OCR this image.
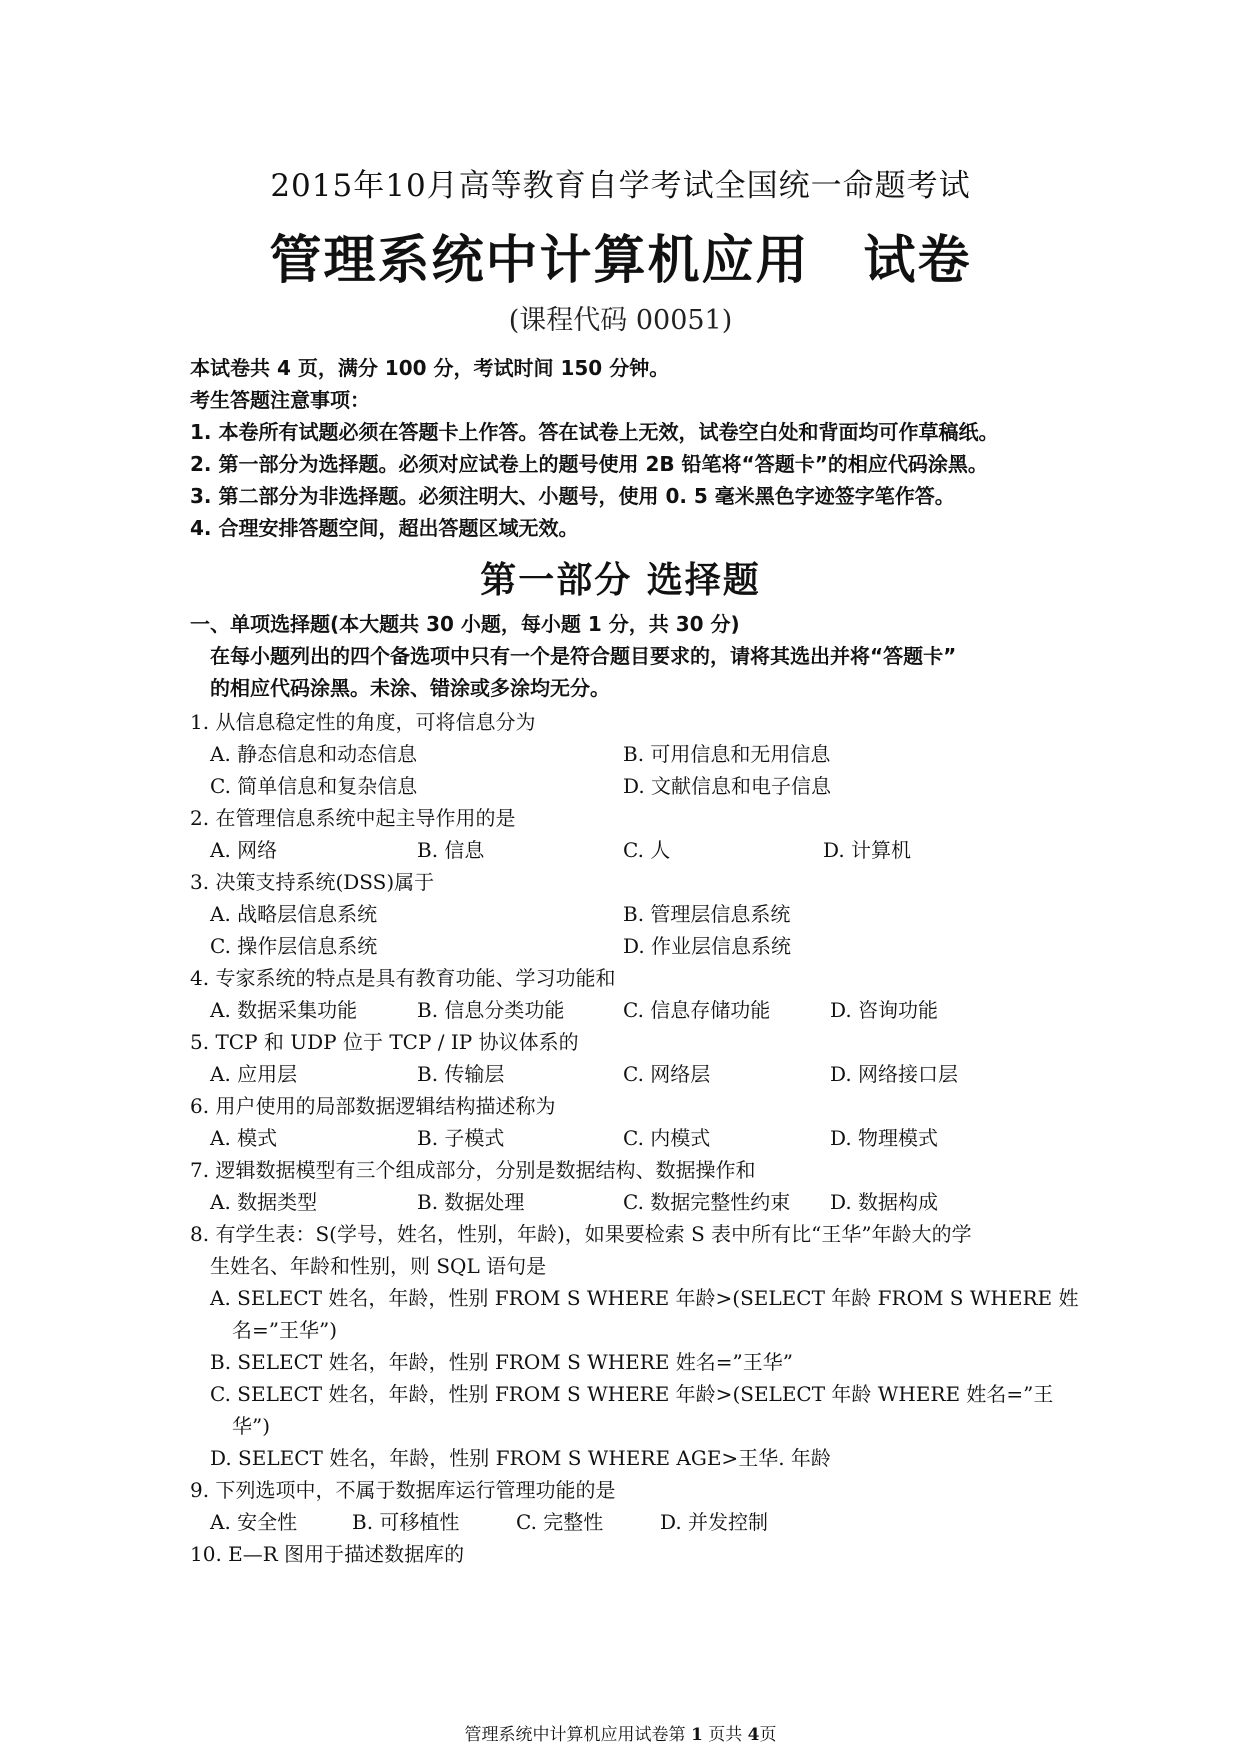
2015年10月高等教育自学考试全国统一命题考试
管理系统中计算机应用　试卷
(课程代码 00051)
本试卷共 4 页，满分 100 分，考试时间 150 分钟。
考生答题注意事项：
1. 本卷所有试题必须在答题卡上作答。答在试卷上无效，试卷空白处和背面均可作草稿纸。
2. 第一部分为选择题。必须对应试卷上的题号使用 2B 铅笔将“答题卡”的相应代码涂黑。
3. 第二部分为非选择题。必须注明大、小题号，使用 0. 5 毫米黑色字迹签字笔作答。
4. 合理安排答题空间，超出答题区域无效。
第一部分 选择题
一、单项选择题(本大题共 30 小题，每小题 1 分，共 30 分)
在每小题列出的四个备选项中只有一个是符合题目要求的，请将其选出并将“答题卡”
的相应代码涂黑。未涂、错涂或多涂均无分。
1. 从信息稳定性的角度，可将信息分为
A. 静态信息和动态信息	B. 可用信息和无用信息
C. 简单信息和复杂信息	D. 文献信息和电子信息
2. 在管理信息系统中起主导作用的是
A. 网络	B. 信息	C. 人	D. 计算机
3. 决策支持系统(DSS)属于
A. 战略层信息系统	B. 管理层信息系统
C. 操作层信息系统	D. 作业层信息系统
4. 专家系统的特点是具有教育功能、学习功能和
A. 数据采集功能	B. 信息分类功能	C. 信息存储功能	D. 咨询功能
5. TCP 和 UDP 位于 TCP / IP 协议体系的
A. 应用层	B. 传输层	C. 网络层	D. 网络接口层
6. 用户使用的局部数据逻辑结构描述称为
A. 模式	B. 子模式	C. 内模式	D. 物理模式
7. 逻辑数据模型有三个组成部分，分别是数据结构、数据操作和
A. 数据类型	B. 数据处理	C. 数据完整性约束 D. 数据构成
8. 有学生表：S(学号，姓名，性别，年龄)，如果要检索 S 表中所有比“王华”年龄大的学
生姓名、年龄和性别，则 SQL 语句是
A. SELECT 姓名，年龄，性别 FROM S WHERE 年龄>(SELECT 年龄 FROM S WHERE 姓
名=”王华”)
B. SELECT 姓名，年龄，性别 FROM S WHERE 姓名=”王华”
C. SELECT 姓名，年龄，性别 FROM S WHERE 年龄>(SELECT 年龄 WHERE 姓名=”王
华”)
D. SELECT 姓名，年龄，性别 FROM S WHERE AGE>王华. 年龄
9. 下列选项中，不属于数据库运行管理功能的是
A. 安全性	B. 可移植性	C. 完整性	D. 并发控制
10. E—R 图用于描述数据库的
管理系统中计算机应用试卷第 1 页共 4页
